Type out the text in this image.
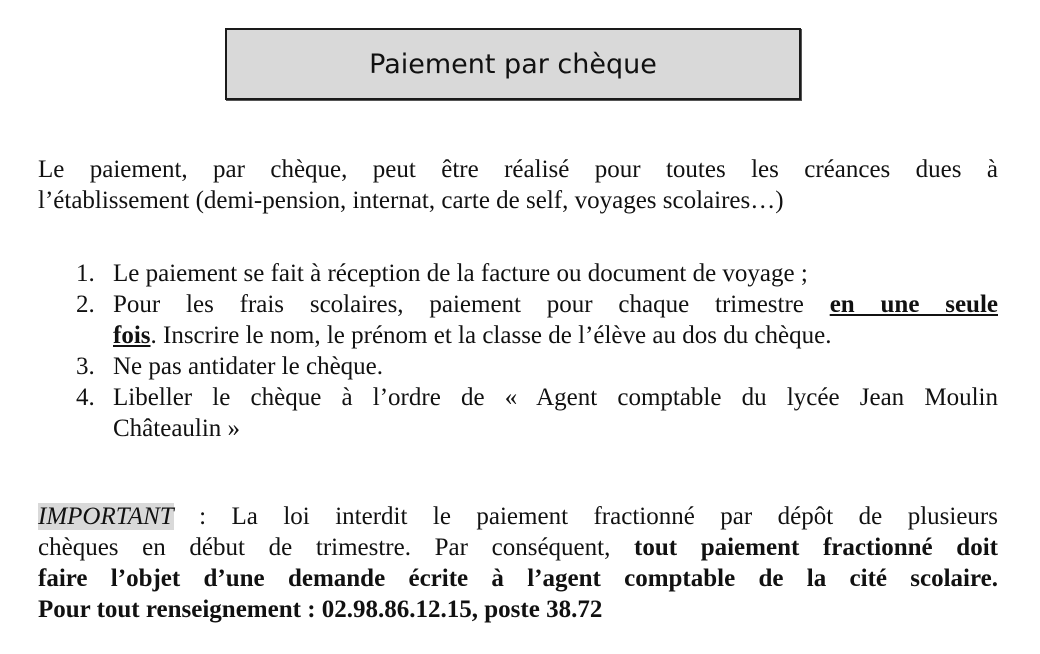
Paiement par chèque
Le paiement, par chèque, peut être réalisé pour toutes les créances dues à
l’établissement (demi-pension, internat, carte de self, voyages scolaires…)
1. Le paiement se fait à réception de la facture ou document de voyage ;
2. Pour les frais scolaires, paiement pour chaque trimestre en une seule
fois. Inscrire le nom, le prénom et la classe de l’élève au dos du chèque.
3. Ne pas antidater le chèque.
4. Libeller le chèque à l’ordre de « Agent comptable du lycée Jean Moulin
Châteaulin »
IMPORTANT : La loi interdit le paiement fractionné par dépôt de plusieurs
chèques en début de trimestre. Par conséquent, tout paiement fractionné doit
faire l’objet d’une demande écrite à l’agent comptable de la cité scolaire.
Pour tout renseignement : 02.98.86.12.15, poste 38.72
